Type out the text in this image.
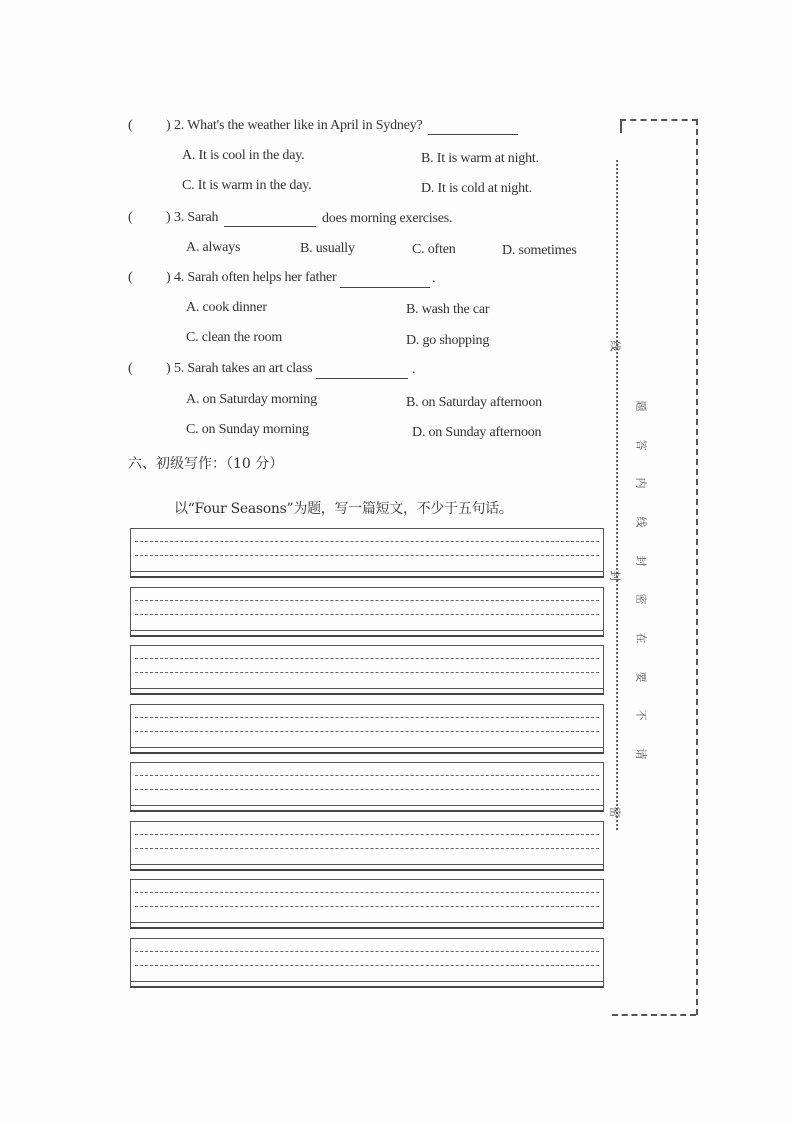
( ) 2. What's the weather like in April in Sydney?
A. It is cool in the day.	B. It is warm at night.
C. It is warm in the day.	D. It is cold at night.
( ) 3. Sarah	does morning exercises.
A. always	B. usually	C. often	D. sometimes
( ) 4. Sarah often helps her father	.
A. cook dinner	B. wash the car
C. clean the room	D. go shopping
( ) 5. Sarah takes an art class	.
A. on Saturday morning	B. on Saturday afternoon
C. on Sunday morning	D. on Sunday afternoon
六、初级写作：（10 分）
以“Four Seasons”为题，写一篇短文，不少于五句话。
线
封
密
请
不
要
在
密
封
线
内
答
题
